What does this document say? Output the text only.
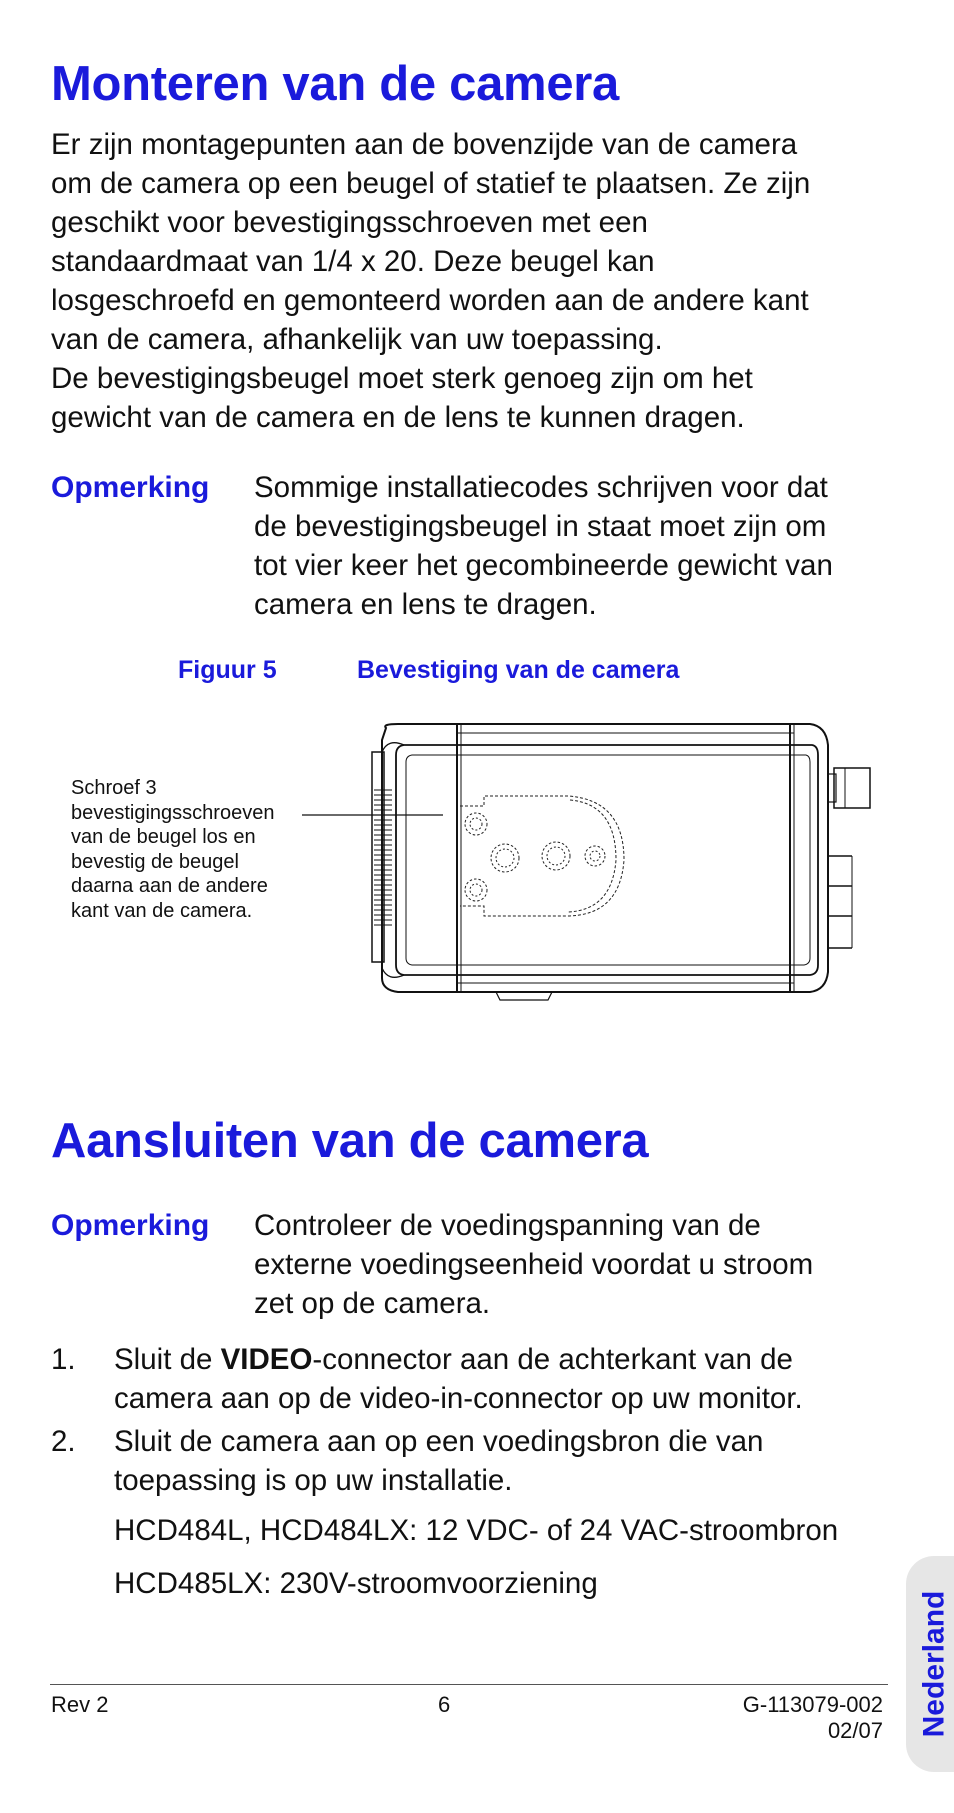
Monteren van de camera
Er zijn montagepunten aan de bovenzijde van de camera
om de camera op een beugel of statief te plaatsen. Ze zijn
geschikt voor bevestigingsschroeven met een
standaardmaat van 1/4 x 20. Deze beugel kan
losgeschroefd en gemonteerd worden aan de andere kant
van de camera, afhankelijk van uw toepassing.
De bevestigingsbeugel moet sterk genoeg zijn om het
gewicht van de camera en de lens te kunnen dragen.
Opmerking Sommige installatiecodes schrijven voor dat
de bevestigingsbeugel in staat moet zijn om
tot vier keer het gecombineerde gewicht van
camera en lens te dragen.
Figuur 5	Bevestiging van de camera
Schroef 3
bevestigingsschroeven
van de beugel los en
bevestig de beugel
daarna aan de andere
kant van de camera.
Aansluiten van de camera
Opmerking Controleer de voedingspanning van de
externe voedingseenheid voordat u stroom
zet op de camera.
1. Sluit de VIDEO-connector aan de achterkant van de
camera aan op de video-in-connector op uw monitor.
2. Sluit de camera aan op een voedingsbron die van
toepassing is op uw installatie.
HCD484L, HCD484LX: 12 VDC- of 24 VAC-stroombron
HCD485LX: 230V-stroomvoorziening
Nederland
Rev 2	6	G-113079-002
02/07
